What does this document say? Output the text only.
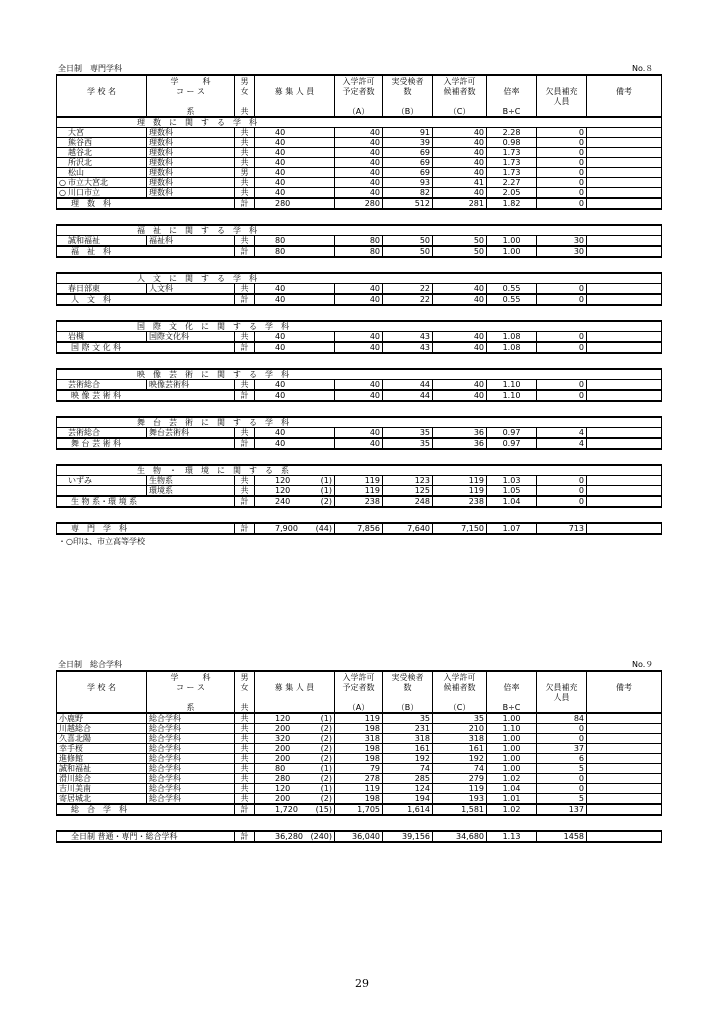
全日制　専門学科	No.８
	学　　　科	男		入学許可	実受検者	入学許可			
学 校 名	コ ー ス	女	募 集 人 員	予定者数	数	候補者数	倍率	欠員補充	備考
								人員	
	系	共		（A）	（B）	（C）	B÷C		
理　数　に　関　す　る　学　科									
大宮	理数科	共	40	40	91	40	2.28	0	
熊谷西	理数科	共	40	40	39	40	0.98	0	
越谷北	理数科	共	40	40	69	40	1.73	0	
所沢北	理数科	共	40	40	69	40	1.73	0	
松山	理数科	男	40	40	69	40	1.73	0	
○ 市立大宮北	理数科	共	40	40	93	41	2.27	0	
○ 川口市立	理数科	共	40	40	82	40	2.05	0	
理　数　科		計	280	280	512	281	1.82	0	

福　祉　に　関　す　る　学　科									
誠和福祉	福祉科	共	80	80	50	50	1.00	30	
福　祉　科		計	80	80	50	50	1.00	30	

人　文　に　関　す　る　学　科									
春日部東	人文科	共	40	40	22	40	0.55	0	
人　文　科		計	40	40	22	40	0.55	0	

国　際　文　化　に　関　す　る　学　科									
岩槻	国際文化科	共	40	40	43	40	1.08	0	
国 際 文 化 科		計	40	40	43	40	1.08	0	

映　像　芸　術　に　関　す　る　学　科									
芸術総合	映像芸術科	共	40	40	44	40	1.10	0	
映 像 芸 術 科		計	40	40	44	40	1.10	0	

舞　台　芸　術　に　関　す　る　学　科									
芸術総合	舞台芸術科	共	40	40	35	36	0.97	4	
舞 台 芸 術 科		計	40	40	35	36	0.97	4	

生　物　・　環　境　に　関　す　る　系									
いずみ	生物系	共	120 (1)	119	123	119	1.03	0	
	環境系	共	120 (1)	119	125	119	1.05	0	
生 物 系・環 境 系		計	240 (2)	238	248	238	1.04	0	

専　門　学　科		計	7,900 (44)	7,856	7,640	7,150	1.07	713	
・○印は、市立高等学校
全日制　総合学科	No.９
	学　　　科	男		入学許可	実受検者	入学許可			
学 校 名	コ ー ス	女	募 集 人 員	予定者数	数	候補者数	倍率	欠員補充	備考
								人員	
	系	共		（A）	（B）	（C）	B÷C		
小鹿野	総合学科	共	120 (1)	119	35	35	1.00	84	
川越総合	総合学科	共	200 (2)	198	231	210	1.10	0	
久喜北陽	総合学科	共	320 (2)	318	318	318	1.00	0	
幸手桜	総合学科	共	200 (2)	198	161	161	1.00	37	
進修館	総合学科	共	200 (2)	198	192	192	1.00	6	
誠和福祉	総合学科	共	80 (1)	79	74	74	1.00	5	
滑川総合	総合学科	共	280 (2)	278	285	279	1.02	0	
吉川美南	総合学科	共	120 (1)	119	124	119	1.04	0	
寄居城北	総合学科	共	200 (2)	198	194	193	1.01	5	
総　合　学　科		計	1,720 (15)	1,705	1,614	1,581	1.02	137	

全日制 普通・専門・総合学科		計	36,280 (240)	36,040	39,156	34,680	1.13	1458	
29
